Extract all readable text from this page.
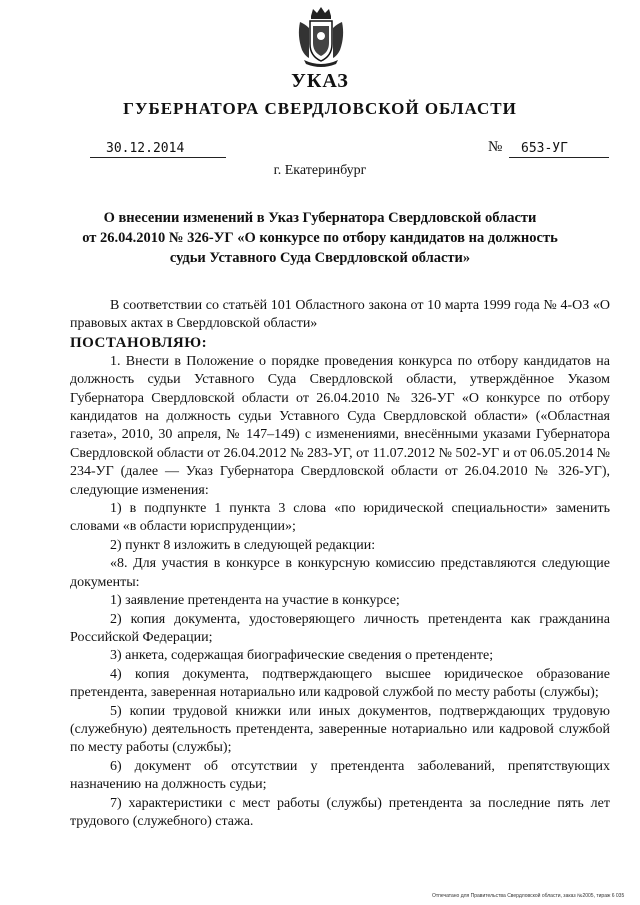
УКАЗ
ГУБЕРНАТОРА СВЕРДЛОВСКОЙ ОБЛАСТИ
30.12.2014	№	653-УГ
г. Екатеринбург
О внесении изменений в Указ Губернатора Свердловской области
от 26.04.2010 № 326-УГ «О конкурсе по отбору кандидатов на должность
судьи Уставного Суда Свердловской области»

В соответствии со статьёй 101 Областного закона от 10 марта 1999 года № 4-ОЗ «О правовых актах в Свердловской области»

ПОСТАНОВЛЯЮ:

1. Внести в Положение о порядке проведения конкурса по отбору кандидатов на должность судьи Уставного Суда Свердловской области, утверждённое Указом Губернатора Свердловской области от 26.04.2010 № 326-УГ «О конкурсе по отбору кандидатов на должность судьи Уставного Суда Свердловской области» («Областная газета», 2010, 30 апреля, № 147–149) с изменениями, внесёнными указами Губернатора Свердловской области от 26.04.2012 № 283-УГ, от 11.07.2012 № 502-УГ и от 06.05.2014 № 234-УГ (далее — Указ Губернатора Свердловской области от 26.04.2010 № 326-УГ), следующие изменения:

1) в подпункте 1 пункта 3 слова «по юридической специальности» заменить словами «в области юриспруденции»;

2) пункт 8 изложить в следующей редакции:

«8. Для участия в конкурсе в конкурсную комиссию представляются следующие документы:

1) заявление претендента на участие в конкурсе;

2) копия документа, удостоверяющего личность претендента как гражданина Российской Федерации;

3) анкета, содержащая биографические сведения о претенденте;

4) копия документа, подтверждающего высшее юридическое образование претендента, заверенная нотариально или кадровой службой по месту работы (службы);

5) копии трудовой книжки или иных документов, подтверждающих трудовую (служебную) деятельность претендента, заверенные нотариально или кадровой службой по месту работы (службы);

6) документ об отсутствии у претендента заболеваний, препятствующих назначению на должность судьи;

7) характеристики с мест работы (службы) претендента за последние пять лет трудового (служебного) стажа.

Отпечатано для Правительства Свердловской области, заказ №2005, тираж 6 035
